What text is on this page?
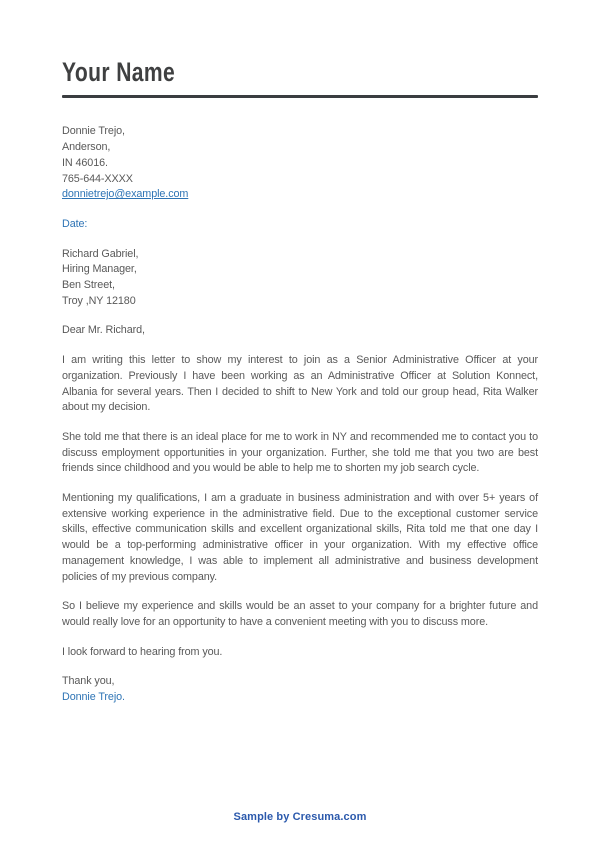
Your Name
Donnie Trejo,
Anderson,
IN 46016.
765-644-XXXX
donnietrejo@example.com
Date:
Richard Gabriel,
Hiring Manager,
Ben Street,
Troy ,NY 12180
Dear Mr. Richard,

I am writing this letter to show my interest to join as a Senior Administrative Officer at your organization. Previously I have been working as an Administrative Officer at Solution Konnect, Albania for several years. Then I decided to shift to New York and told our group head, Rita Walker about my decision.

She told me that there is an ideal place for me to work in NY and recommended me to contact you to discuss employment opportunities in your organization. Further, she told me that you two are best friends since childhood and you would be able to help me to shorten my job search cycle.

Mentioning my qualifications, I am a graduate in business administration and with over 5+ years of extensive working experience in the administrative field. Due to the exceptional customer service skills, effective communication skills and excellent organizational skills, Rita told me that one day I would be a top-performing administrative officer in your organization. With my effective office management knowledge, I was able to implement all administrative and business development policies of my previous company.

So I believe my experience and skills would be an asset to your company for a brighter future and would really love for an opportunity to have a convenient meeting with you to discuss more.

I look forward to hearing from you.

Thank you,
Donnie Trejo.
Sample by Cresuma.com
